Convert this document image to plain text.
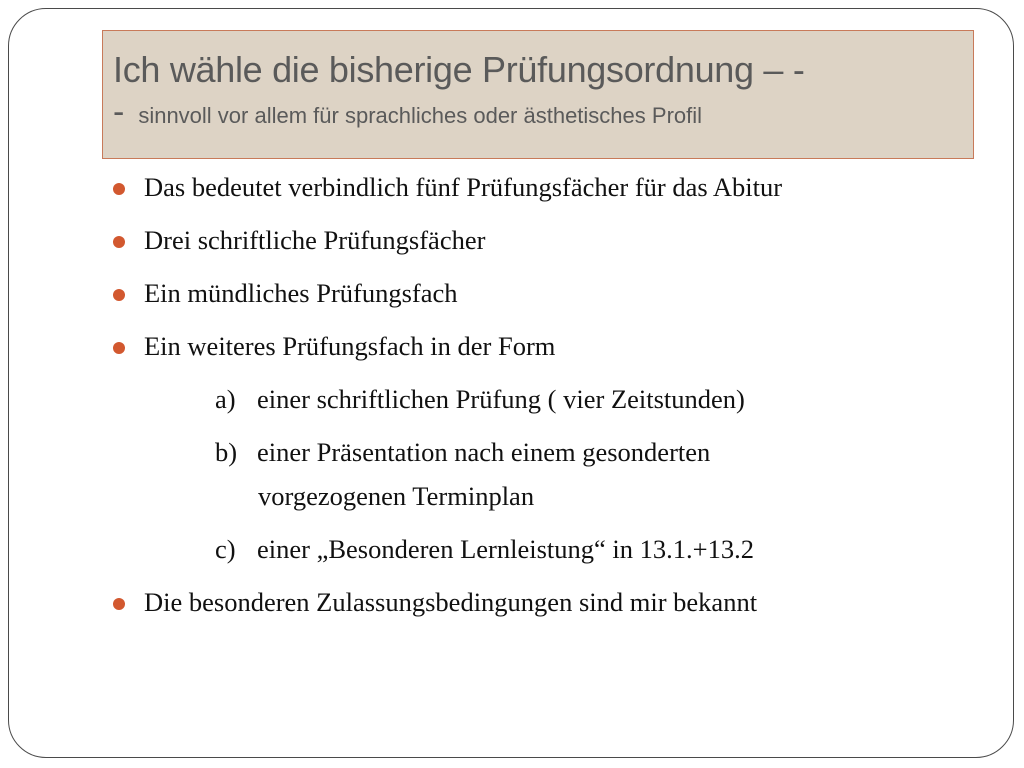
Ich wähle die bisherige Prüfungsordnung – -
- sinnvoll vor allem für sprachliches oder ästhetisches Profil
Das bedeutet verbindlich fünf Prüfungsfächer für das Abitur
Drei schriftliche Prüfungsfächer
Ein mündliches Prüfungsfach
Ein weiteres Prüfungsfach in der Form
a) einer schriftlichen Prüfung ( vier Zeitstunden)
b) einer Präsentation nach einem gesonderten
vorgezogenen Terminplan
c) einer „Besonderen Lernleistung“ in 13.1.+13.2
Die besonderen Zulassungsbedingungen sind mir bekannt
